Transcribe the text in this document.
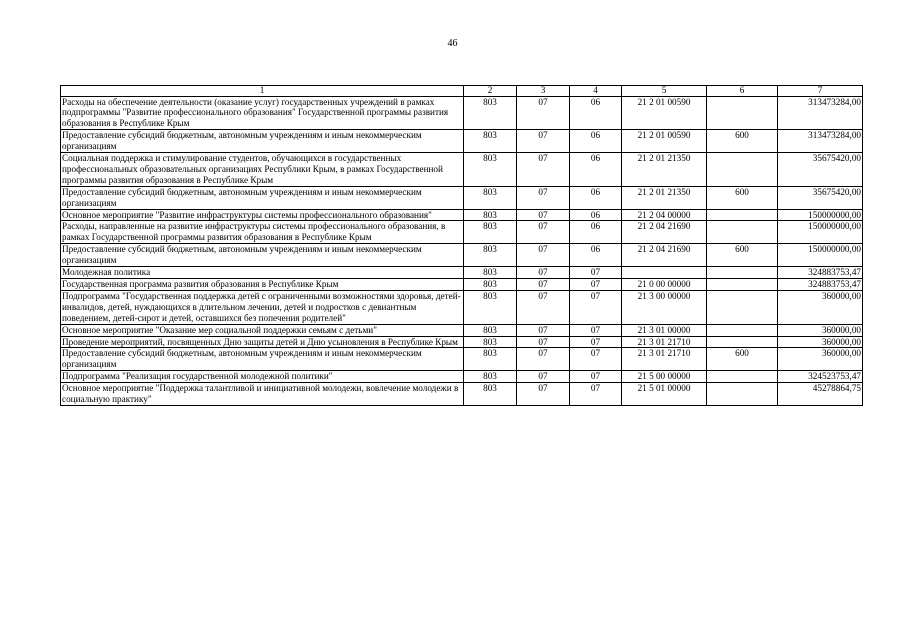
46
1	2	3	4	5	6	7
Расходы на обеспечение деятельности (оказание услуг) государственных учреждений в рамках подпрограммы "Развитие профессионального образования" Государственной программы развития образования в Республике Крым	803	07	06	21 2 01 00590		313473284,00
Предоставление субсидий бюджетным, автономным учреждениям и иным некоммерческим организациям	803	07	06	21 2 01 00590	600	313473284,00
Социальная поддержка и стимулирование студентов, обучающихся в государственных профессиональных образовательных организациях Республики Крым, в рамках Государственной программы развития образования в Республике Крым	803	07	06	21 2 01 21350		35675420,00
Предоставление субсидий бюджетным, автономным учреждениям и иным некоммерческим организациям	803	07	06	21 2 01 21350	600	35675420,00
Основное мероприятие "Развитие инфраструктуры системы профессионального образования"	803	07	06	21 2 04 00000		150000000,00
Расходы, направленные на развитие инфраструктуры системы профессионального образования, в рамках Государственной программы развития образования в Республике Крым	803	07	06	21 2 04 21690		150000000,00
Предоставление субсидий бюджетным, автономным учреждениям и иным некоммерческим организациям	803	07	06	21 2 04 21690	600	150000000,00
Молодежная политика	803	07	07			324883753,47
Государственная программа развития образования в Республике Крым	803	07	07	21 0 00 00000		324883753,47
Подпрограмма "Государственная поддержка детей с ограниченными возможностями здоровья, детей-инвалидов, детей, нуждающихся в длительном лечении, детей и подростков с девиантным поведением, детей-сирот и детей, оставшихся без попечения родителей"	803	07	07	21 3 00 00000		360000,00
Основное мероприятие "Оказание мер социальной поддержки семьям с детьми"	803	07	07	21 3 01 00000		360000,00
Проведение мероприятий, посвященных Дню защиты детей и Дню усыновления в Республике Крым	803	07	07	21 3 01 21710		360000,00
Предоставление субсидий бюджетным, автономным учреждениям и иным некоммерческим организациям	803	07	07	21 3 01 21710	600	360000,00
Подпрограмма "Реализация государственной молодежной политики"	803	07	07	21 5 00 00000		324523753,47
Основное мероприятие "Поддержка талантливой и инициативной молодежи, вовлечение молодежи в социальную практику"	803	07	07	21 5 01 00000		45278864,75
